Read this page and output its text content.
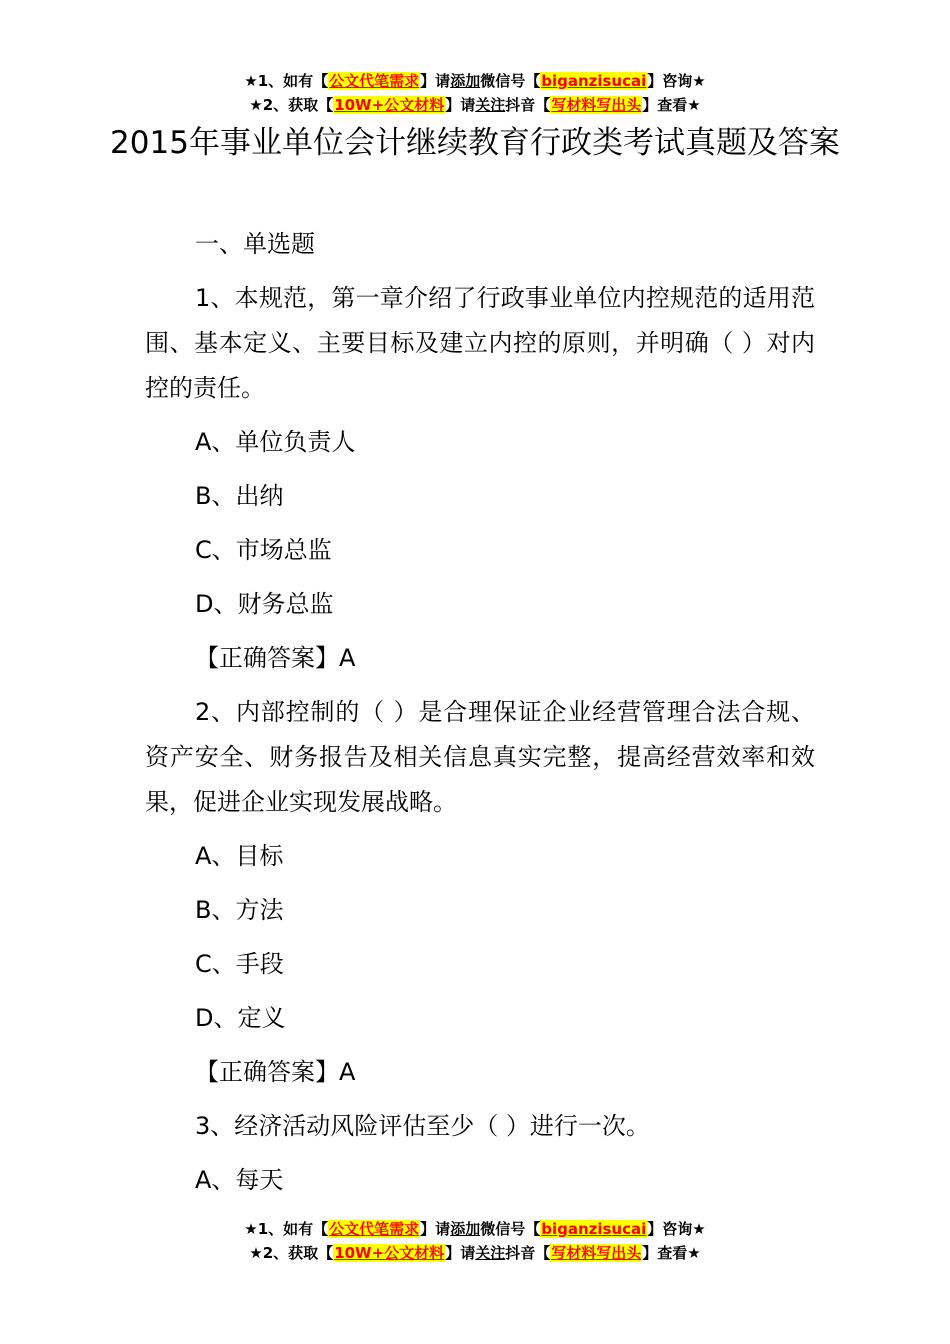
★1、如有【公文代笔需求】请添加微信号【biganzisucai】咨询★
★2、获取【10W+公文材料】请关注抖音【写材料写出头】查看★
2015年事业单位会计继续教育行政类考试真题及答案

一、单选题

1、本规范，第一章介绍了行政事业单位内控规范的适用范围、基本定义、主要目标及建立内控的原则，并明确（ ）对内控的责任。

A、单位负责人

B、出纳

C、市场总监

D、财务总监

【正确答案】A

2、内部控制的（ ）是合理保证企业经营管理合法合规、资产安全、财务报告及相关信息真实完整，提高经营效率和效果，促进企业实现发展战略。

A、目标

B、方法

C、手段

D、定义

【正确答案】A

3、经济活动风险评估至少（ ）进行一次。

A、每天

★1、如有【公文代笔需求】请添加微信号【biganzisucai】咨询★
★2、获取【10W+公文材料】请关注抖音【写材料写出头】查看★
